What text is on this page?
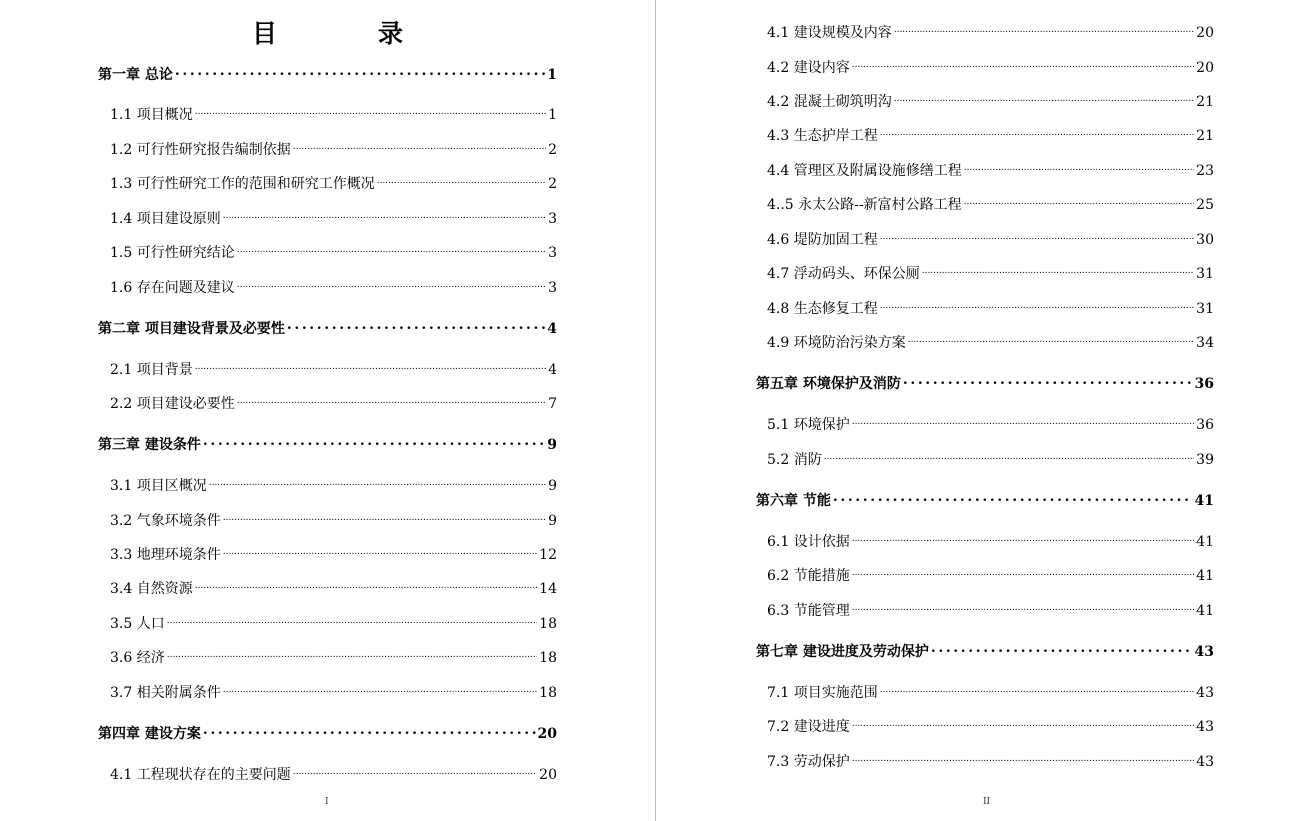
目　录
第一章 总论 .....	1
1.1 项目概况 .....	1
1.2 可行性研究报告编制依据 .....	2
1.3 可行性研究工作的范围和研究工作概况 .....	2
1.4 项目建设原则 .....	3
1.5 可行性研究结论 .....	3
1.6 存在问题及建议 .....	3
第二章 项目建设背景及必要性 .....	4
2.1 项目背景 .....	4
2.2 项目建设必要性 .....	7
第三章 建设条件 .....	9
3.1 项目区概况 .....	9
3.2 气象环境条件 .....	9
3.3 地理环境条件 .....	12
3.4 自然资源 .....	14
3.5 人口 .....	18
3.6 经济 .....	18
3.7 相关附属条件 .....	18
第四章 建设方案 .....	20
4.1 工程现状存在的主要问题 .....	20
I
4.1 建设规模及内容 .....	20
4.2 建设内容 .....	20
4.2 混凝土砌筑明沟 .....	21
4.3 生态护岸工程 .....	21
4.4 管理区及附属设施修缮工程 .....	23
4..5 永太公路--新富村公路工程 .....	25
4.6 堤防加固工程 .....	30
4.7 浮动码头、环保公厕 .....	31
4.8 生态修复工程 .....	31
4.9 环境防治污染方案 .....	34
第五章 环境保护及消防 .....	36
5.1 环境保护 .....	36
5.2 消防 .....	39
第六章 节能 .....	41
6.1 设计依据 .....	41
6.2 节能措施 .....	41
6.3 节能管理 .....	41
第七章 建设进度及劳动保护 .....	43
7.1 项目实施范围 .....	43
7.2 建设进度 .....	43
7.3 劳动保护 .....	43
II
